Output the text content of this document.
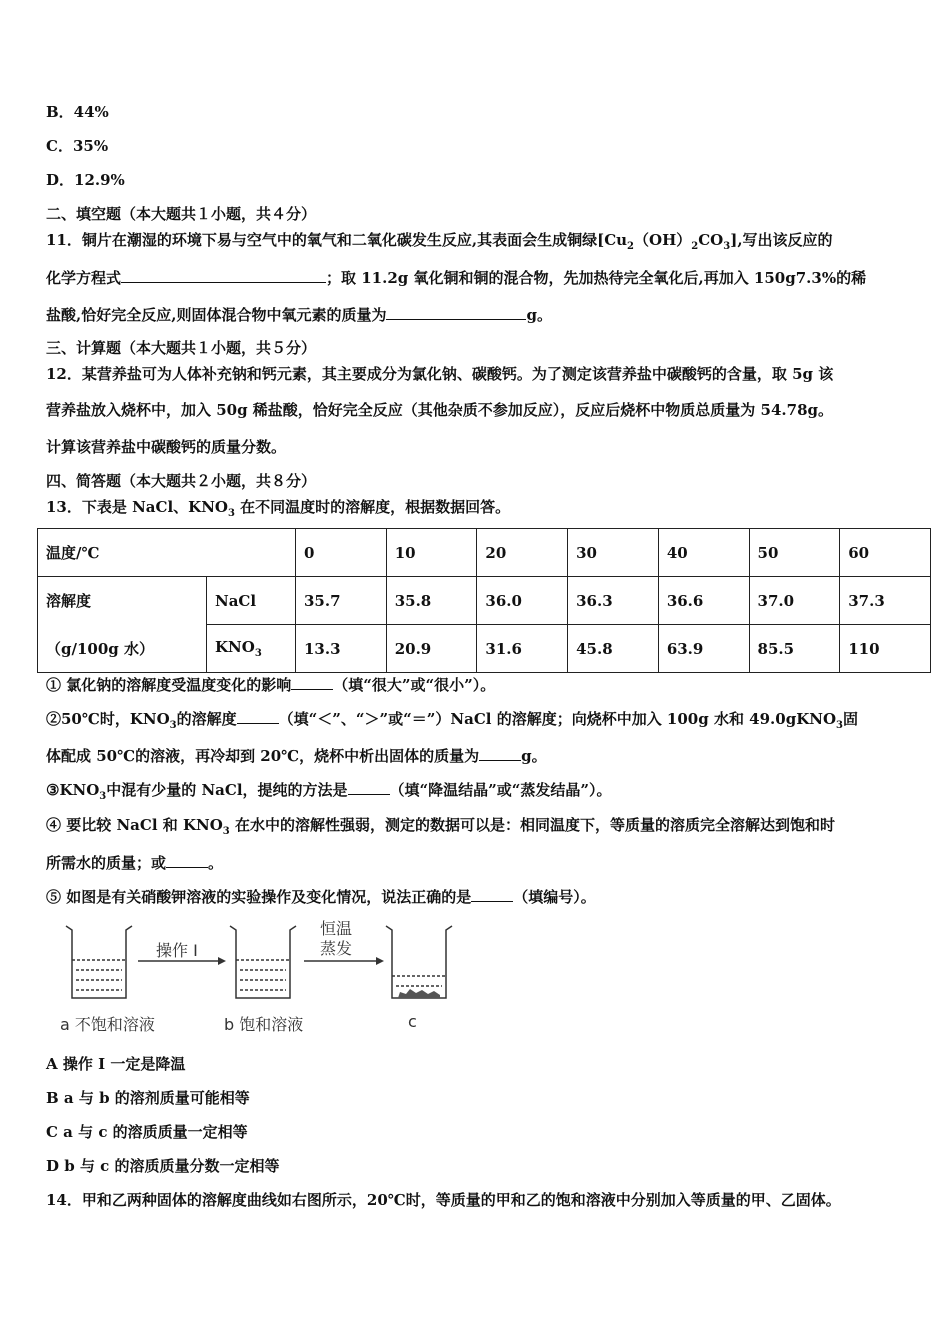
B．44%
C．35%
D．12.9%
二、填空题（本大题共１小题，共４分）
11．铜片在潮湿的环境下易与空气中的氧气和二氧化碳发生反应,其表面会生成铜绿$[Cu_2(OH)_2CO_3]$,写出该反应的
化学方程式	；取 11.2g 氧化铜和铜的混合物，先加热待完全氧化后,再加入 150g7.3%的稀
盐酸,恰好完全反应,则固体混合物中氧元素的质量为	g。
三、计算题（本大题共１小题，共５分）
12．某营养盐可为人体补充钠和钙元素，其主要成分为氯化钠、碳酸钙。为了测定该营养盐中碳酸钙的含量，取 5g 该
营养盐放入烧杯中，加入 50g 稀盐酸，恰好完全反应（其他杂质不参加反应），反应后烧杯中物质总质量为 54.78g。
计算该营养盐中碳酸钙的质量分数。
四、简答题（本大题共２小题，共８分）
13．下表是 NaCl、$KNO_3$ 在不同温度时的溶解度，根据数据回答。
温度/℃		0	10	20	30	40	50	60
溶解度	NaCl	35.7	35.8	36.0	36.3	36.6	37.0	37.3
（g/100g 水）	$KNO_3$	13.3	20.9	31.6	45.8	63.9	85.5	110
① 氯化钠的溶解度受温度变化的影响	（填“很大”或“很小”）。
②50℃时，$KNO_3$的溶解度	（填“＜”、“＞”或“＝”）NaCl 的溶解度；向烧杯中加入 100g 水和 49.0gKNO$_3$固
体配成 50℃的溶液，再冷却到 20℃，烧杯中析出固体的质量为	g。
$③KNO_3$中混有少量的 NaCl，提纯的方法是	（填“降温结晶”或“蒸发结晶”）。
④ 要比较 NaCl 和 $KNO_3$ 在水中的溶解性强弱，测定的数据可以是：相同温度下，等质量的溶质完全溶解达到饱和时
所需水的质量；或	。
⑤ 如图是有关硝酸钾溶液的实验操作及变化情况，说法正确的是	（填编号）。
操作 I
恒温
蒸发
a 不饱和溶液	b 饱和溶液	c
A 操作 I 一定是降温
B a 与 b 的溶剂质量可能相等
C a 与 c 的溶质质量一定相等
D b 与 c 的溶质质量分数一定相等
14．甲和乙两种固体的溶解度曲线如右图所示，20℃时，等质量的甲和乙的饱和溶液中分别加入等质量的甲、乙固体。
